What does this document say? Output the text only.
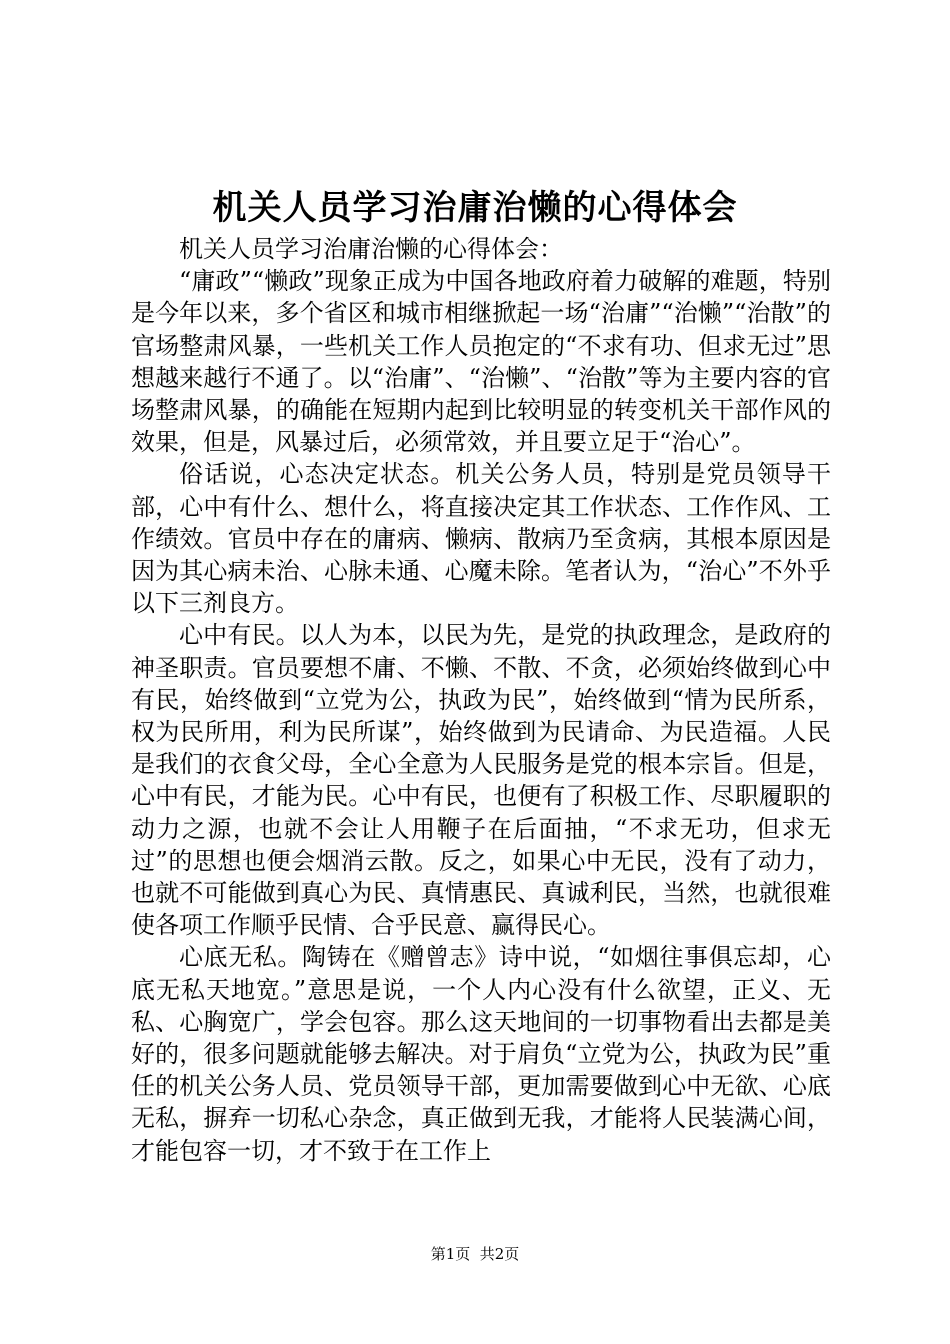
机关人员学习治庸治懒的心得体会

机关人员学习治庸治懒的心得体会：

“庸政”“懒政”现象正成为中国各地政府着力破解的难题，特别是今年以来，多个省区和城市相继掀起一场“治庸”“治懒”“治散”的官场整肃风暴，一些机关工作人员抱定的“不求有功、但求无过”思想越来越行不通了。以“治庸”、“治懒”、“治散”等为主要内容的官场整肃风暴，的确能在短期内起到比较明显的转变机关干部作风的效果，但是，风暴过后，必须常效，并且要立足于“治心”。

俗话说，心态决定状态。机关公务人员，特别是党员领导干部，心中有什么、想什么，将直接决定其工作状态、工作作风、工作绩效。官员中存在的庸病、懒病、散病乃至贪病，其根本原因是因为其心病未治、心脉未通、心魔未除。笔者认为，“治心”不外乎以下三剂良方。

心中有民。以人为本，以民为先，是党的执政理念，是政府的神圣职责。官员要想不庸、不懒、不散、不贪，必须始终做到心中有民，始终做到“立党为公，执政为民”，始终做到“情为民所系，权为民所用，利为民所谋”，始终做到为民请命、为民造福。人民是我们的衣食父母，全心全意为人民服务是党的根本宗旨。但是，心中有民，才能为民。心中有民，也便有了积极工作、尽职履职的动力之源，也就不会让人用鞭子在后面抽，“不求无功，但求无过”的思想也便会烟消云散。反之，如果心中无民，没有了动力，也就不可能做到真心为民、真情惠民、真诚利民，当然，也就很难使各项工作顺乎民情、合乎民意、赢得民心。

心底无私。陶铸在《赠曾志》诗中说，“如烟往事俱忘却，心底无私天地宽。”意思是说，一个人内心没有什么欲望，正义、无私、心胸宽广，学会包容。那么这天地间的一切事物看出去都是美好的，很多问题就能够去解决。对于肩负“立党为公，执政为民”重任的机关公务人员、党员领导干部，更加需要做到心中无欲、心底无私，摒弃一切私心杂念，真正做到无我，才能将人民装满心间，才能包容一切，才不致于在工作上

第1页  共2页
